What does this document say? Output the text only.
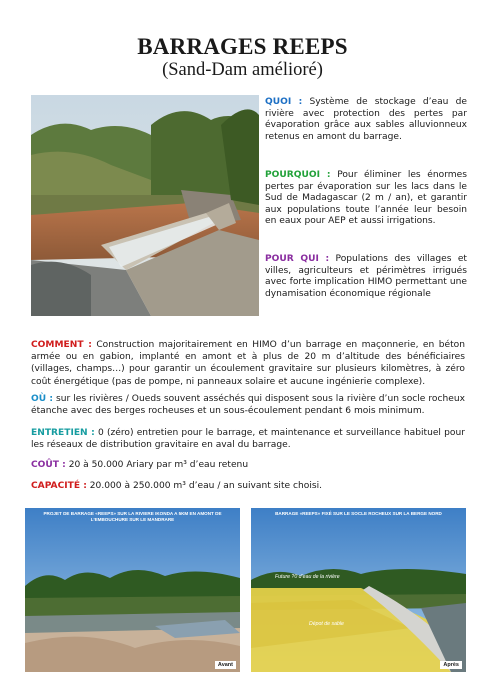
BARRAGES REEPS
(Sand-Dam amélioré)
QUOI : Système de stockage d’eau de rivière avec protection des pertes par évaporation grâce aux sables alluvionneux retenus en amont du barrage.
POURQUOI : Pour éliminer les énormes pertes par évaporation sur les lacs dans le Sud de Madagascar (2 m / an), et garantir aux populations toute l’année leur besoin en eaux pour AEP et aussi irrigations.
POUR QUI : Populations des villages et villes, agriculteurs et périmètres irrigués avec forte implication HIMO permettant une dynamisation économique régionale
COMMENT : Construction majoritairement en HIMO d’un barrage en maçonnerie, en béton armée ou en gabion, implanté en amont et à plus de 20 m d’altitude des bénéficiaires (villages, champs…) pour garantir un écoulement gravitaire sur plusieurs kilomètres, à zéro coût énergétique (pas de pompe, ni panneaux solaire et aucune ingénierie complexe).
OÙ : sur les rivières / Oueds souvent asséchés qui disposent sous la rivière d’un socle rocheux étanche avec des berges rocheuses et un sous-écoulement pendant 6 mois minimum.
ENTRETIEN : 0 (zéro) entretien pour le barrage, et maintenance et surveillance habituel pour les réseaux de distribution gravitaire en aval du barrage.
COÛT : 20 à 50.000 Ariary par m³ d’eau retenu
CAPACITÉ : 20.000 à 250.000 m³ d’eau / an suivant site choisi.
PROJET DE BARRAGE «REEPS» SUR LA RIVIERE IKONDA A 5KM EN AMONT DE L’EMBOUCHURE SUR LE MANDRARE
Avant
BARRAGE «REEPS» FIXÉ SUR LE SOCLE ROCHEUX SUR LA BERGE NORD
Future ?0 d’eau de la rivière
Dépot de sable
Après
